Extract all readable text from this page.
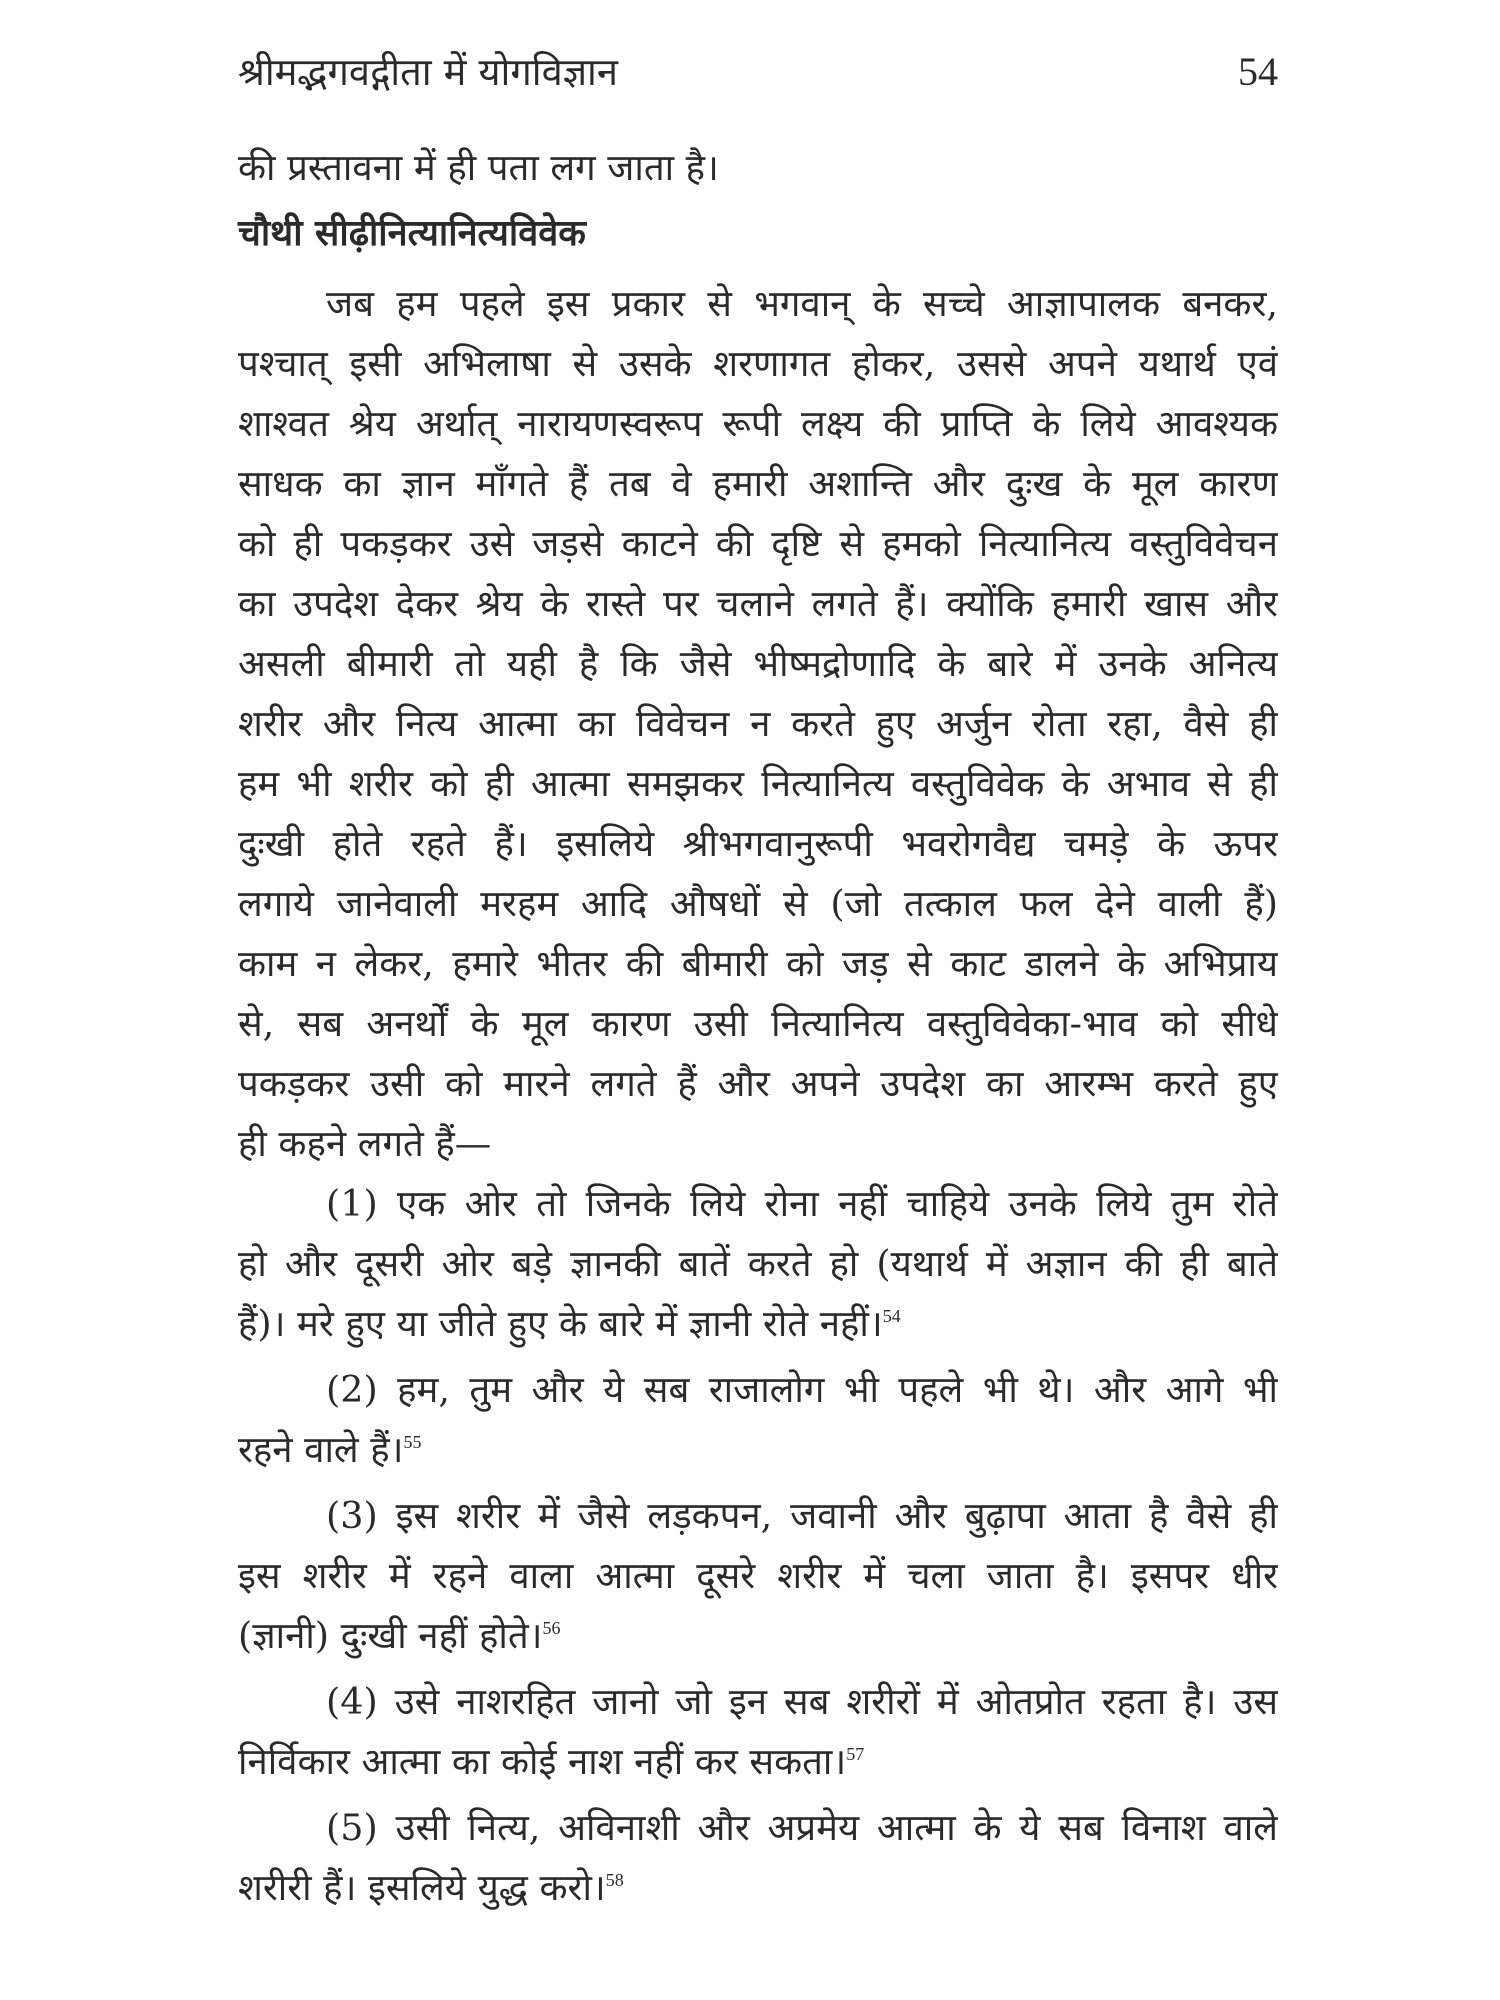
श्रीमद्भगवद्गीता में योगविज्ञान	54
की प्रस्तावना में ही पता लग जाता है।
चौथी सीढ़ीनित्यानित्यविवेक
जब हम पहले इस प्रकार से भगवान् के सच्चे आज्ञापालक बनकर,
पश्चात् इसी अभिलाषा से उसके शरणागत होकर, उससे अपने यथार्थ एवं
शाश्वत श्रेय अर्थात् नारायणस्वरूप रूपी लक्ष्य की प्राप्ति के लिये आवश्यक
साधक का ज्ञान माँगते हैं तब वे हमारी अशान्ति और दुःख के मूल कारण
को ही पकड़कर उसे जड़से काटने की दृष्टि से हमको नित्यानित्य वस्तुविवेचन
का उपदेश देकर श्रेय के रास्ते पर चलाने लगते हैं। क्योंकि हमारी खास और
असली बीमारी तो यही है कि जैसे भीष्मद्रोणादि के बारे में उनके अनित्य
शरीर और नित्य आत्मा का विवेचन न करते हुए अर्जुन रोता रहा, वैसे ही
हम भी शरीर को ही आत्मा समझकर नित्यानित्य वस्तुविवेक के अभाव से ही
दुःखी होते रहते हैं। इसलिये श्रीभगवानुरूपी भवरोगवैद्य चमड़े के ऊपर
लगाये जानेवाली मरहम आदि औषधों से (जो तत्काल फल देने वाली हैं)
काम न लेकर, हमारे भीतर की बीमारी को जड़ से काट डालने के अभिप्राय
से, सब अनर्थों के मूल कारण उसी नित्यानित्य वस्तुविवेका-भाव को सीधे
पकड़कर उसी को मारने लगते हैं और अपने उपदेश का आरम्भ करते हुए
ही कहने लगते हैं—
(1) एक ओर तो जिनके लिये रोना नहीं चाहिये उनके लिये तुम रोते
हो और दूसरी ओर बड़े ज्ञानकी बातें करते हो (यथार्थ में अज्ञान की ही बाते
हैं)। मरे हुए या जीते हुए के बारे में ज्ञानी रोते नहीं।$^{54}$
(2) हम, तुम और ये सब राजालोग भी पहले भी थे। और आगे भी
रहने वाले हैं।$^{55}$
(3) इस शरीर में जैसे लड़कपन, जवानी और बुढ़ापा आता है वैसे ही
इस शरीर में रहने वाला आत्मा दूसरे शरीर में चला जाता है। इसपर धीर
(ज्ञानी) दुःखी नहीं होते।$^{56}$
(4) उसे नाशरहित जानो जो इन सब शरीरों में ओतप्रोत रहता है। उस
निर्विकार आत्मा का कोई नाश नहीं कर सकता।$^{57}$
(5) उसी नित्य, अविनाशी और अप्रमेय आत्मा के ये सब विनाश वाले
शरीरी हैं। इसलिये युद्ध करो।$^{58}$
